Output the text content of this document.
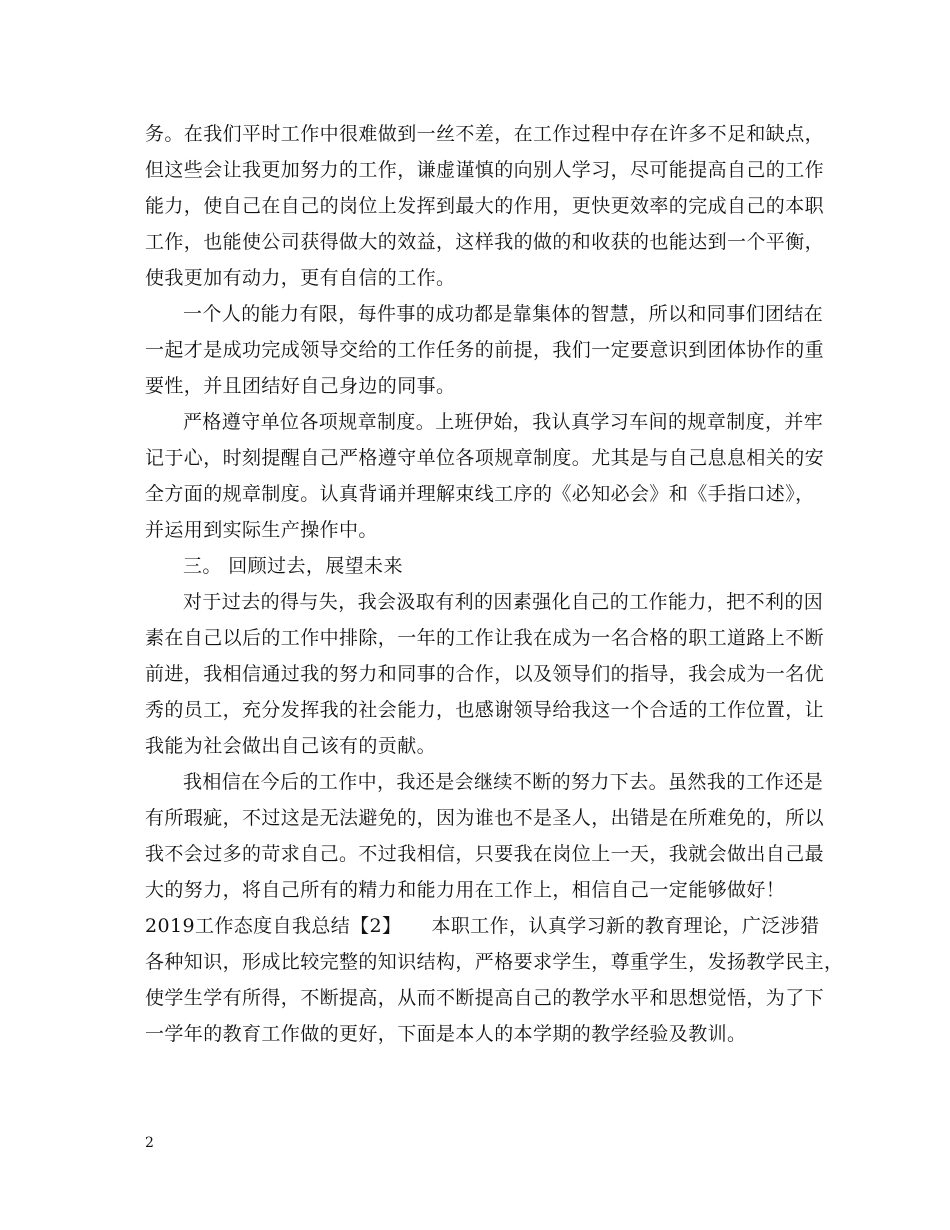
务。在我们平时工作中很难做到一丝不差，在工作过程中存在许多不足和缺点，
但这些会让我更加努力的工作，谦虚谨慎的向别人学习，尽可能提高自己的工作
能力，使自己在自己的岗位上发挥到最大的作用，更快更效率的完成自己的本职
工作，也能使公司获得做大的效益，这样我的做的和收获的也能达到一个平衡，
使我更加有动力，更有自信的工作。
一个人的能力有限，每件事的成功都是靠集体的智慧，所以和同事们团结在
一起才是成功完成领导交给的工作任务的前提，我们一定要意识到团体协作的重
要性，并且团结好自己身边的同事。
严格遵守单位各项规章制度。上班伊始，我认真学习车间的规章制度，并牢
记于心，时刻提醒自己严格遵守单位各项规章制度。尤其是与自己息息相关的安
全方面的规章制度。认真背诵并理解束线工序的《必知必会》和《手指口述》，
并运用到实际生产操作中。
三。 回顾过去，展望未来
对于过去的得与失，我会汲取有利的因素强化自己的工作能力，把不利的因
素在自己以后的工作中排除，一年的工作让我在成为一名合格的职工道路上不断
前进，我相信通过我的努力和同事的合作，以及领导们的指导，我会成为一名优
秀的员工，充分发挥我的社会能力，也感谢领导给我这一个合适的工作位置，让
我能为社会做出自己该有的贡献。
我相信在今后的工作中，我还是会继续不断的努力下去。虽然我的工作还是
有所瑕疵，不过这是无法避免的，因为谁也不是圣人，出错是在所难免的，所以
我不会过多的苛求自己。不过我相信，只要我在岗位上一天，我就会做出自己最
大的努力，将自己所有的精力和能力用在工作上，相信自己一定能够做好！
2019工作态度自我总结【2】 本职工作，认真学习新的教育理论，广泛涉猎
各种知识，形成比较完整的知识结构，严格要求学生，尊重学生，发扬教学民主，
使学生学有所得，不断提高，从而不断提高自己的教学水平和思想觉悟，为了下
一学年的教育工作做的更好，下面是本人的本学期的教学经验及教训。
2
